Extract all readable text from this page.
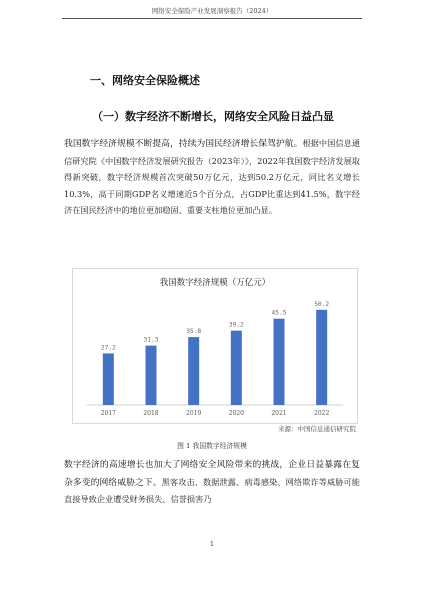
网络安全保险产业发展洞察报告（2024）
一、网络安全保险概述
（一）数字经济不断增长，网络安全风险日益凸显
我国数字经济规模不断提高，持续为国民经济增长保驾护航。根据中国信息通信研究院《中国数字经济发展研究报告（2023年）》，2022年我国数字经济发展取得新突破，数字经济规模首次突破50万亿元，达到50.2万亿元，同比名义增长10.3%，高于同期GDP名义增速近5个百分点，占GDP比重达到41.5%，数字经济在国民经济中的地位更加稳固、重要支柱地位更加凸显。
我国数字经济规模（万亿元）
27.2
2017
31.3
2018
35.8
2019
39.2
2020
45.5
2021
50.2
2022
来源：中国信息通信研究院
图 1 我国数字经济规模
数字经济的高速增长也加大了网络安全风险带来的挑战，企业日益暴露在复杂多变的网络威胁之下。黑客攻击、数据泄露、病毒感染、网络欺诈等威胁可能直接导致企业遭受财务损失、信誉损害乃
1
